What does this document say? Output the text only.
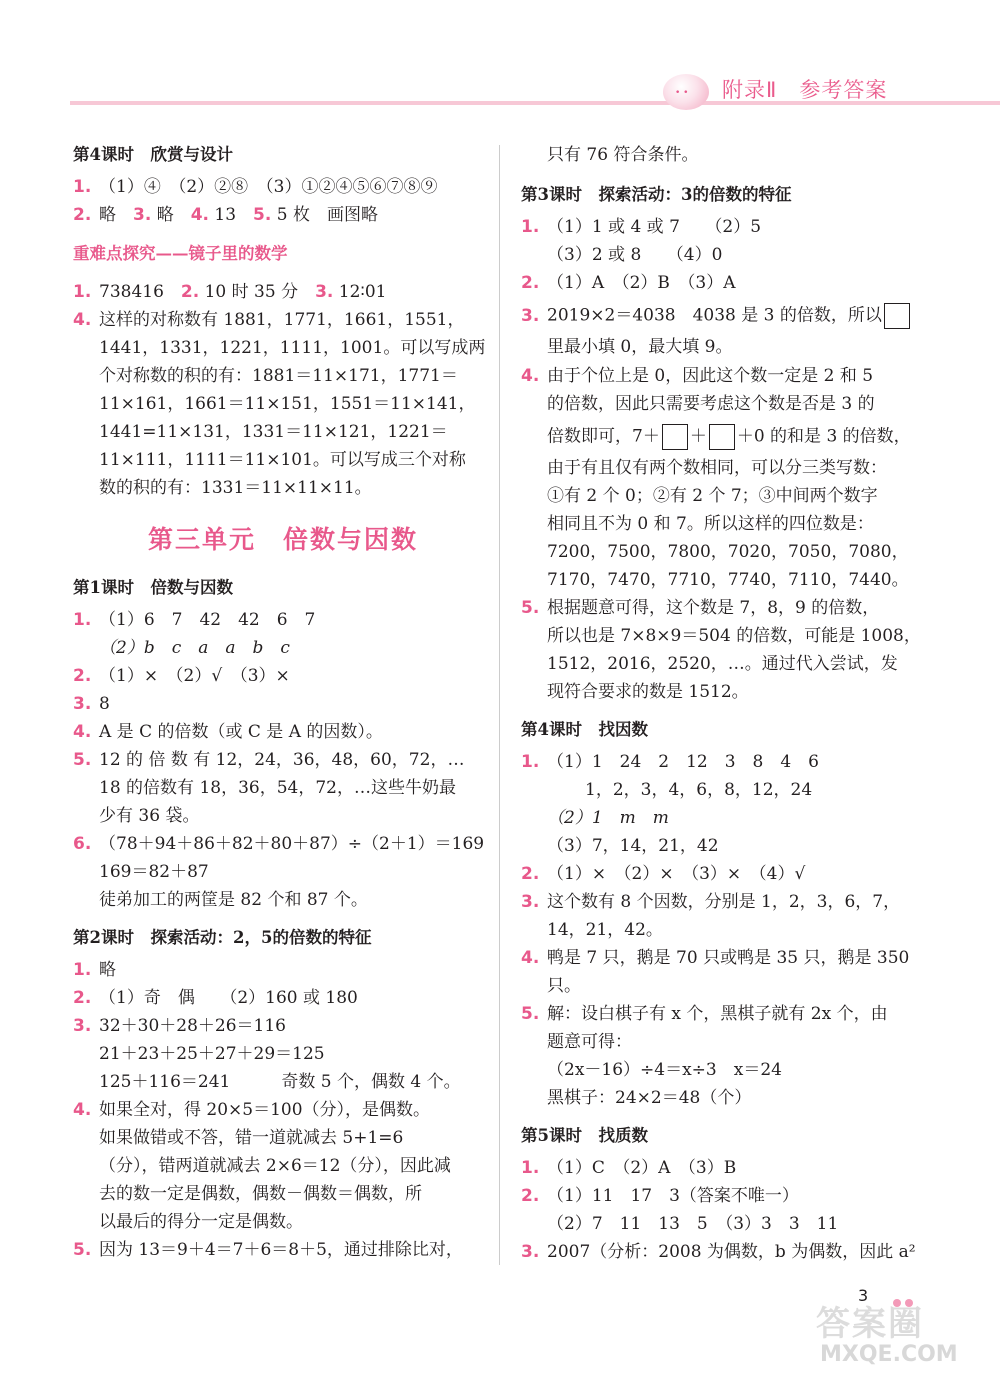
• • 附录Ⅱ　参考答案
第4课时　欣赏与设计
1. （1）④　（2）②⑧　（3）①②④⑤⑥⑦⑧⑨
2. 略　 3. 略　 4. 13　 5. 5 枚　画图略
重难点探究——镜子里的数学
1. 738416　 2. 10 时 35 分　 3. 12∶01
4. 这样的对称数有 1881，1771，1661，1551，
1441，1331，1221，1111，1001。可以写成两
个对称数的积的有：1881＝11×171，1771＝
11×161，1661＝11×151，1551＝11×141，
1441=11×131，1331＝11×121，1221＝
11×111，1111＝11×101。可以写成三个对称
数的积的有：1331＝11×11×11。
第三单元　倍数与因数
第1课时　倍数与因数
1. （1）6　7　42　42　6　7
（2）b　c　a　a　b　c
2. （1）×　（2）√　（3）×
3. 8
4. A 是 C 的倍数（或 C 是 A 的因数）。
5. 12 的 倍 数 有 12，24，36，48，60，72，…
18 的倍数有 18，36，54，72，…这些牛奶最
少有 36 袋。
6. （78＋94＋86＋82＋80＋87）÷（2＋1）＝169
169＝82＋87
徒弟加工的两筐是 82 个和 87 个。
第2课时　探索活动：2，5的倍数的特征
1. 略
2. （1）奇　偶　　（2）160 或 180
3. 32＋30＋28＋26＝116
21＋23＋25＋27＋29＝125
125＋116＝241　　　奇数 5 个，偶数 4 个。
4. 如果全对，得 20×5＝100（分），是偶数。
如果做错或不答，错一道就减去 5+1=6
（分），错两道就减去 2×6＝12（分），因此减
去的数一定是偶数，偶数－偶数＝偶数，所
以最后的得分一定是偶数。
5. 因为 13＝9＋4＝7＋6＝8＋5，通过排除比对，
只有 76 符合条件。
第3课时　探索活动：3的倍数的特征
1. （1）1 或 4 或 7　　（2）5
（3）2 或 8　　（4）0
2. （1）A　（2）B　（3）A
3. 2019×2＝4038　4038 是 3 的倍数，所以
里最小填 0，最大填 9。
4. 由于个位上是 0，因此这个数一定是 2 和 5
的倍数，因此只需要考虑这个数是否是 3 的
倍数即可，7＋ ＋ ＋0 的和是 3 的倍数，
由于有且仅有两个数相同，可以分三类写数：
①有 2 个 0；②有 2 个 7；③中间两个数字
相同且不为 0 和 7。所以这样的四位数是：
7200，7500，7800，7020，7050，7080，
7170，7470，7710，7740，7110，7440。
5. 根据题意可得，这个数是 7，8，9 的倍数，
所以也是 7×8×9＝504 的倍数，可能是 1008，
1512，2016，2520，…。通过代入尝试，发
现符合要求的数是 1512。
第4课时　找因数
1. （1）1　24　2　12　3　8　4　6
1，2，3，4，6，8，12，24
（2）1　m　m
（3）7，14，21，42
2. （1）×　（2）×　（3）×　（4）√
3. 这个数有 8 个因数，分别是 1，2，3，6，7，
14，21，42。
4. 鸭是 7 只，鹅是 70 只或鸭是 35 只，鹅是 350
只。
5. 解：设白棋子有 x 个，黑棋子就有 2x 个，由
题意可得：
（2x－16）÷4＝x÷3　x＝24
黑棋子：24×2＝48（个）
第5课时　找质数
1. （1）C　（2）A　（3）B
2. （1）11　17　3（答案不唯一）
（2）7　11　13　5　（3）3　3　11
3. 2007（分析：2008 为偶数，b 为偶数，因此 a²
3
答案圈
MXQE.COM
